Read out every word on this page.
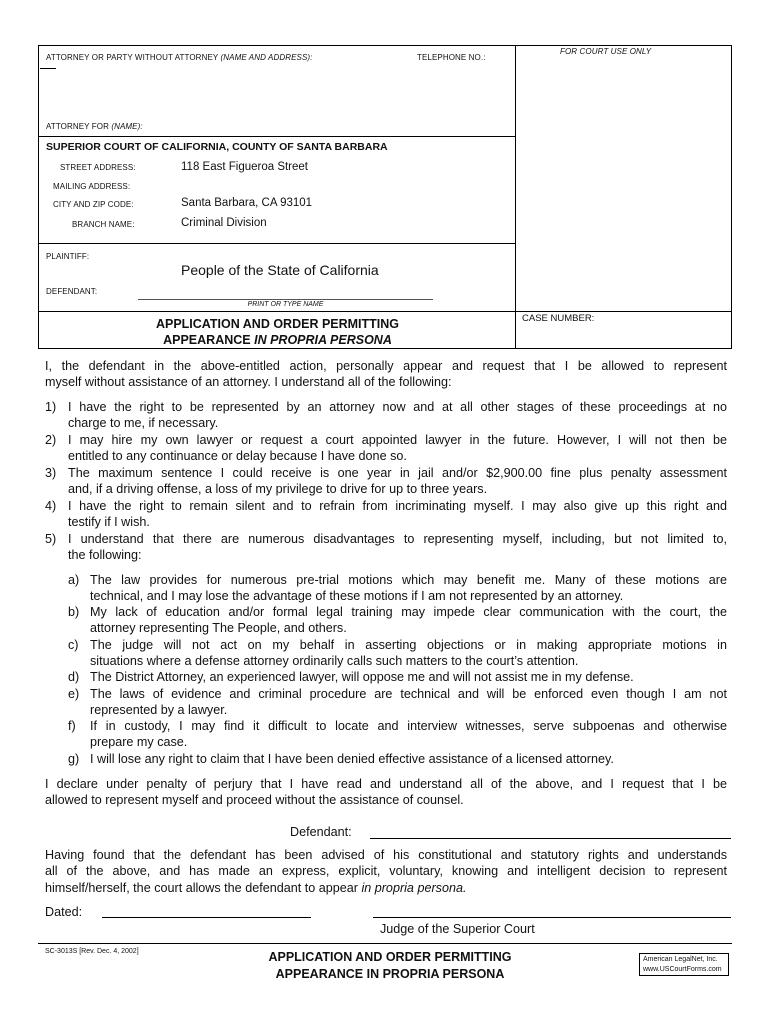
ATTORNEY OR PARTY WITHOUT ATTORNEY (NAME AND ADDRESS):	TELEPHONE NO.:
FOR COURT USE ONLY
ATTORNEY FOR (NAME):
SUPERIOR COURT OF CALIFORNIA, COUNTY OF SANTA BARBARA
STREET ADDRESS:	118 East Figueroa Street
MAILING ADDRESS:
CITY AND ZIP CODE:	Santa Barbara, CA 93101
BRANCH NAME:	Criminal Division
PLAINTIFF:
People of the State of California
DEFENDANT:
PRINT OR TYPE NAME
APPLICATION AND ORDER PERMITTING
APPEARANCE IN PROPRIA PERSONA
CASE NUMBER:
I, the defendant in the above-entitled action, personally appear and request that I be allowed to represent
myself without assistance of an attorney. I understand all of the following:
1) I have the right to be represented by an attorney now and at all other stages of these proceedings at no
charge to me, if necessary.
2) I may hire my own lawyer or request a court appointed lawyer in the future. However, I will not then be
entitled to any continuance or delay because I have done so.
3) The maximum sentence I could receive is one year in jail and/or $2,900.00 fine plus penalty assessment
and, if a driving offense, a loss of my privilege to drive for up to three years.
4) I have the right to remain silent and to refrain from incriminating myself. I may also give up this right and
testify if I wish.
5) I understand that there are numerous disadvantages to representing myself, including, but not limited to,
the following:
a) The law provides for numerous pre-trial motions which may benefit me. Many of these motions are
technical, and I may lose the advantage of these motions if I am not represented by an attorney.
b) My lack of education and/or formal legal training may impede clear communication with the court, the
attorney representing The People, and others.
c) The judge will not act on my behalf in asserting objections or in making appropriate motions in
situations where a defense attorney ordinarily calls such matters to the court’s attention.
d) The District Attorney, an experienced lawyer, will oppose me and will not assist me in my defense.
e) The laws of evidence and criminal procedure are technical and will be enforced even though I am not
represented by a lawyer.
f) If in custody, I may find it difficult to locate and interview witnesses, serve subpoenas and otherwise
prepare my case.
g) I will lose any right to claim that I have been denied effective assistance of a licensed attorney.
I declare under penalty of perjury that I have read and understand all of the above, and I request that I be
allowed to represent myself and proceed without the assistance of counsel.
Defendant:
Having found that the defendant has been advised of his constitutional and statutory rights and understands
all of the above, and has made an express, explicit, voluntary, knowing and intelligent decision to represent
himself/herself, the court allows the defendant to appear in propria persona.
Dated:
Judge of the Superior Court
SC-3013S [Rev. Dec. 4, 2002]	APPLICATION AND ORDER PERMITTING
APPEARANCE IN PROPRIA PERSONA
American LegalNet, Inc.
www.USCourtForms.com
